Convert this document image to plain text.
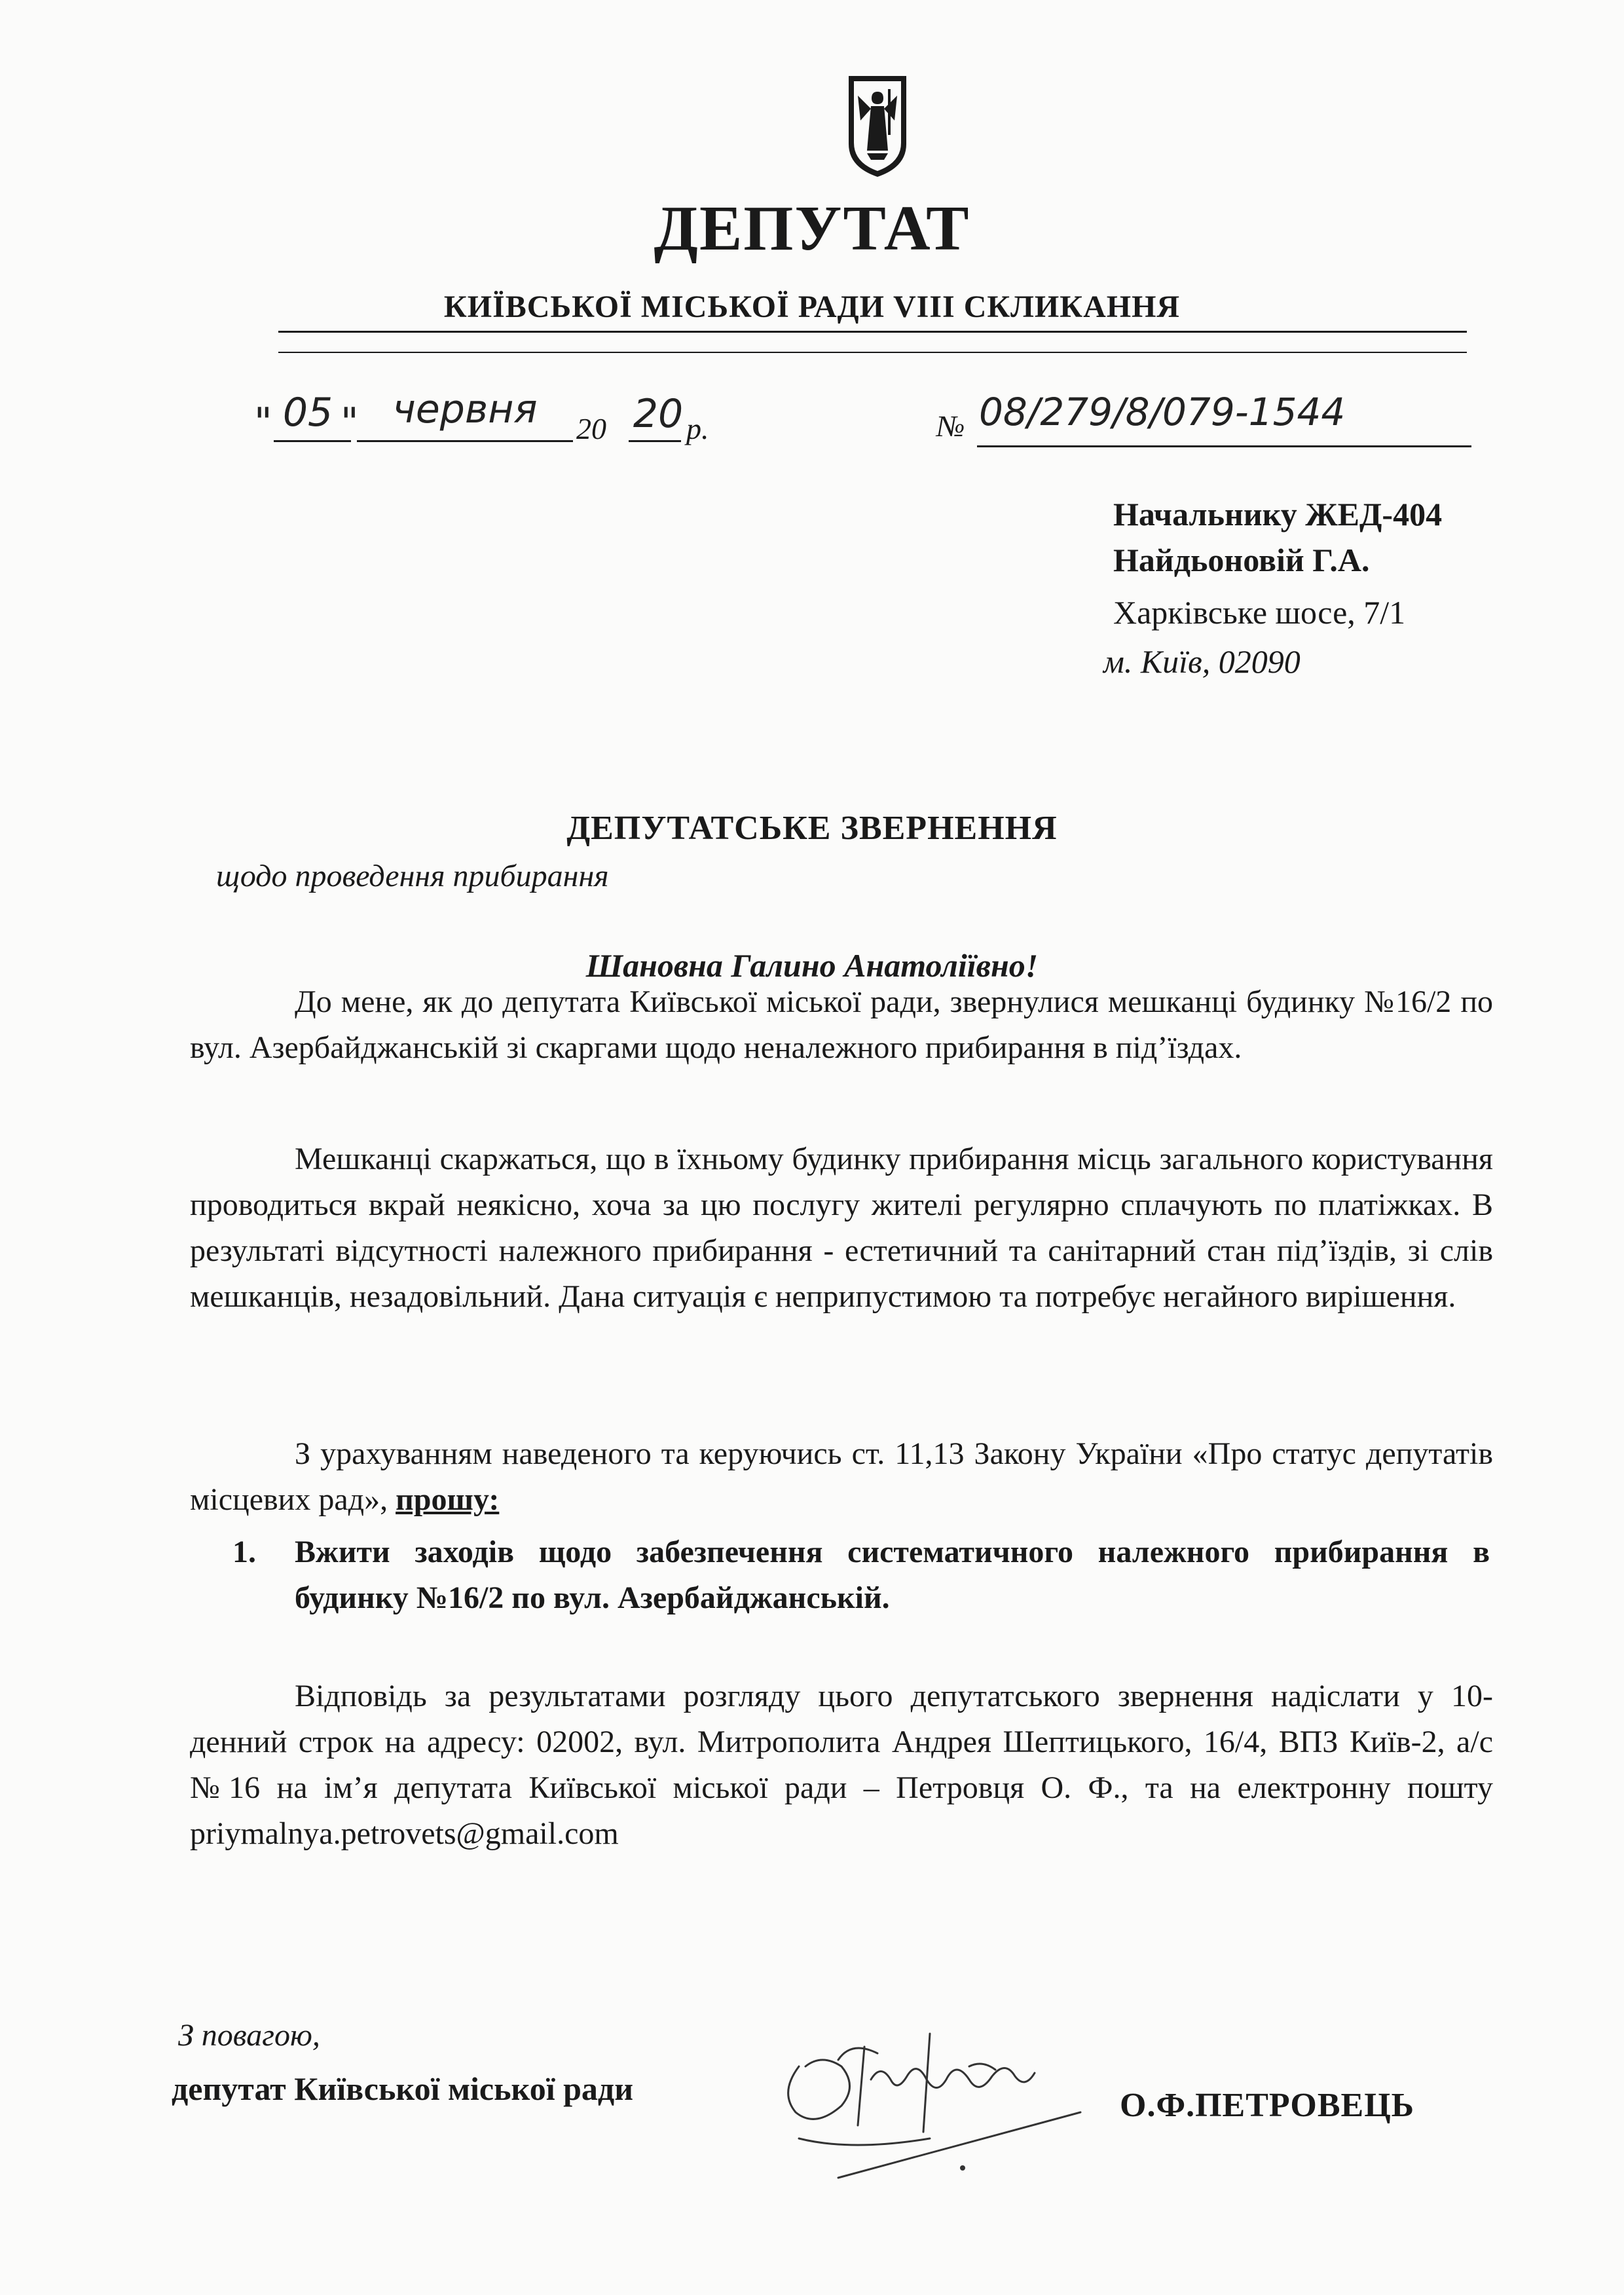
ДЕПУТАТ
КИЇВСЬКОЇ МІСЬКОЇ РАДИ VIII СКЛИКАННЯ
" 05 " червня	20 20 р.	№ 08/279/8/079-1544
Начальнику ЖЕД-404
Найдьоновій Г.А.
Харківське шосе, 7/1
м. Київ, 02090
ДЕПУТАТСЬКЕ ЗВЕРНЕННЯ
щодо проведення прибирання
Шановна Галино Анатоліївно!
До мене, як до депутата Київської міської ради, звернулися мешканці будинку №16/2 по вул. Азербайджанській зі скаргами щодо неналежного прибирання в під’їздах.
Мешканці скаржаться, що в їхньому будинку прибирання місць загального користування проводиться вкрай неякісно, хоча за цю послугу жителі регулярно сплачують по платіжках. В результаті відсутності належного прибирання - естетичний та санітарний стан під’їздів, зі слів мешканців, незадовільний. Дана ситуація є неприпустимою та потребує негайного вирішення.
З урахуванням наведеного та керуючись ст. 11,13 Закону України «Про статус депутатів місцевих рад», прошу:
1.	Вжити заходів щодо забезпечення систематичного належного прибирання в будинку №16/2 по вул. Азербайджанській.
Відповідь за результатами розгляду цього депутатського звернення надіслати у 10-денний строк на адресу: 02002, вул. Митрополита Андрея Шептицького, 16/4, ВПЗ Київ-2, а/с №16 на ім’я депутата Київської міської ради – Петровця О. Ф., та на електронну пошту priymalnya.petrovets@gmail.com
З повагою,
депутат Київської міської ради	О.Ф.ПЕТРОВЕЦЬ
